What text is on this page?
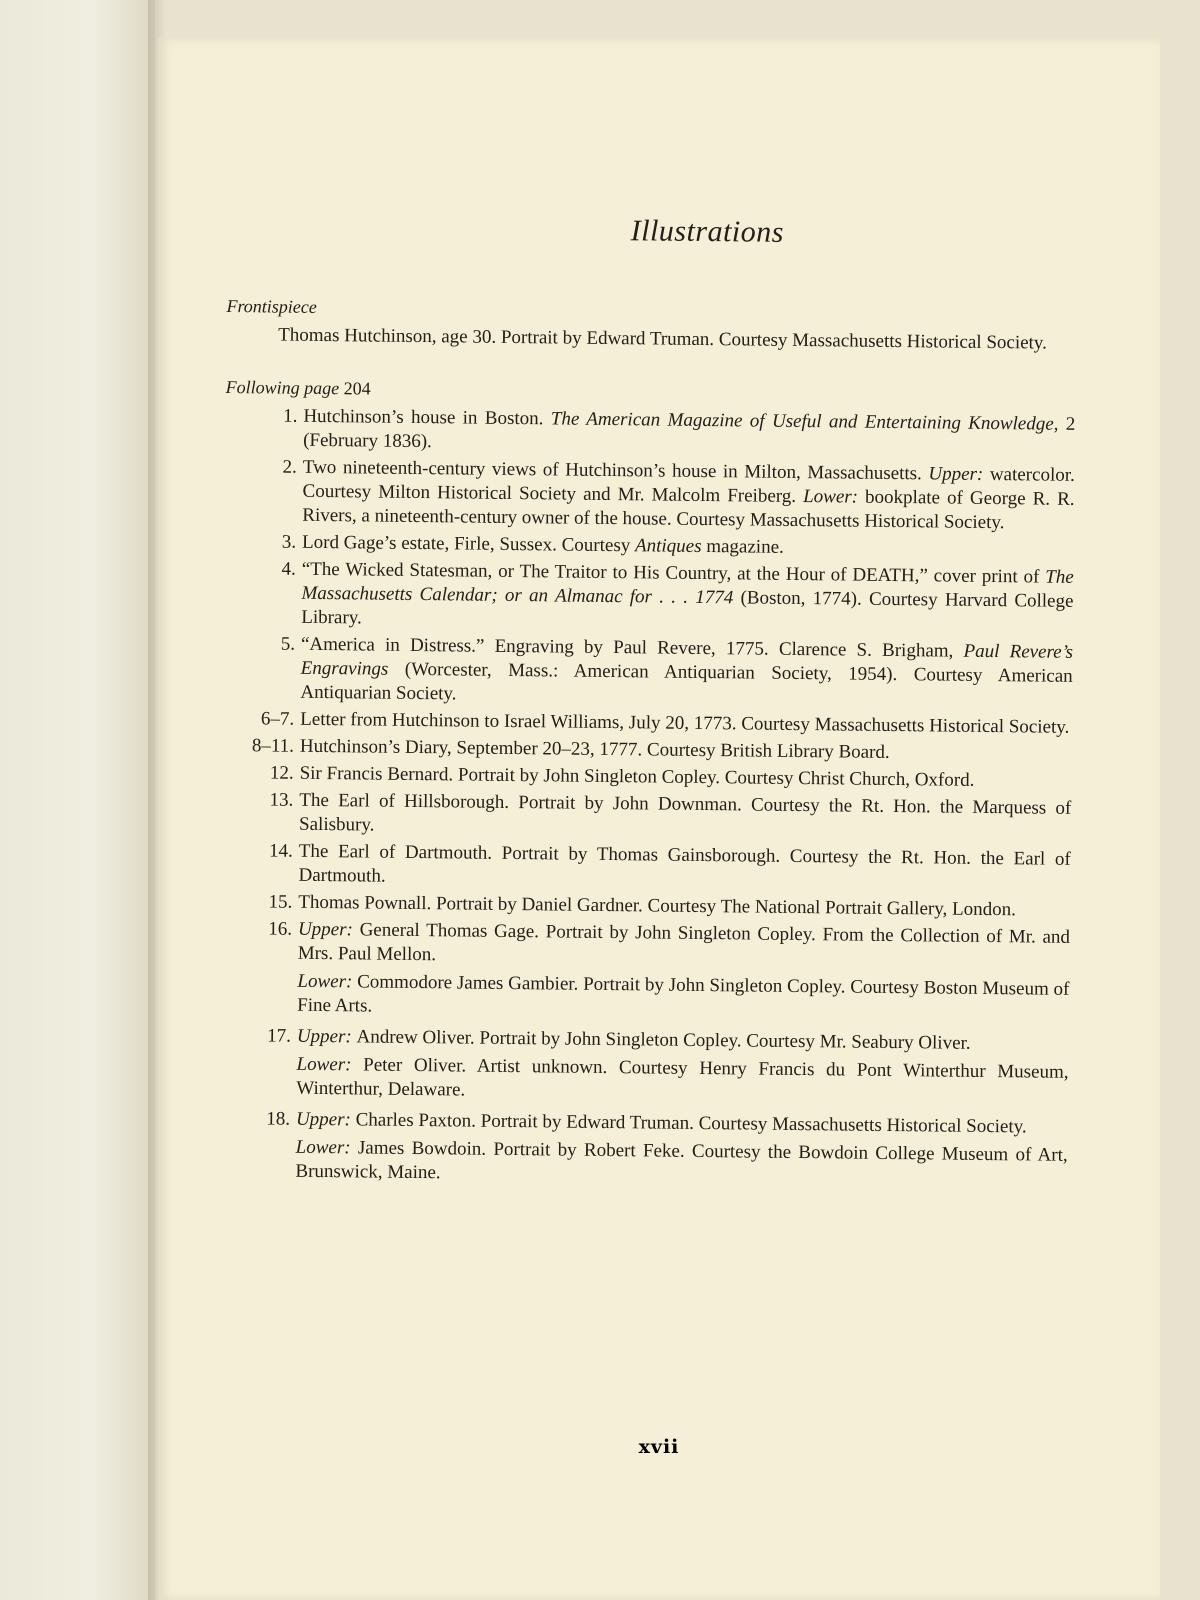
Illustrations
Frontispiece
Thomas Hutchinson, age 30. Portrait by Edward Truman. Courtesy Massachusetts Historical Society.
Following page 204
1. Hutchinson’s house in Boston. The American Magazine of Useful and Entertaining Knowledge, 2 (February 1836).
2. Two nineteenth-century views of Hutchinson’s house in Milton, Massachusetts. Upper: watercolor. Courtesy Milton Historical Society and Mr. Malcolm Freiberg. Lower: bookplate of George R. R. Rivers, a nineteenth-century owner of the house. Courtesy Massachusetts Historical Society.
3. Lord Gage’s estate, Firle, Sussex. Courtesy Antiques magazine.
4. “The Wicked Statesman, or The Traitor to His Country, at the Hour of DEATH,” cover print of The Massachusetts Calendar; or an Almanac for . . . 1774 (Boston, 1774). Courtesy Harvard College Library.
5. “America in Distress.” Engraving by Paul Revere, 1775. Clarence S. Brigham, Paul Revere’s Engravings (Worcester, Mass.: American Antiquarian Society, 1954). Courtesy American Antiquarian Society.
6–7. Letter from Hutchinson to Israel Williams, July 20, 1773. Courtesy Massachusetts Historical Society.
8–11. Hutchinson’s Diary, September 20–23, 1777. Courtesy British Library Board.
12. Sir Francis Bernard. Portrait by John Singleton Copley. Courtesy Christ Church, Oxford.
13. The Earl of Hillsborough. Portrait by John Downman. Courtesy the Rt. Hon. the Marquess of Salisbury.
14. The Earl of Dartmouth. Portrait by Thomas Gainsborough. Courtesy the Rt. Hon. the Earl of Dartmouth.
15. Thomas Pownall. Portrait by Daniel Gardner. Courtesy The National Portrait Gallery, London.
16. Upper: General Thomas Gage. Portrait by John Singleton Copley. From the Collection of Mr. and Mrs. Paul Mellon.

Lower: Commodore James Gambier. Portrait by John Singleton Copley. Courtesy Boston Museum of Fine Arts.

17. Upper: Andrew Oliver. Portrait by John Singleton Copley. Courtesy Mr. Seabury Oliver.

Lower: Peter Oliver. Artist unknown. Courtesy Henry Francis du Pont Winterthur Museum, Winterthur, Delaware.

18. Upper: Charles Paxton. Portrait by Edward Truman. Courtesy Massachusetts Historical Society.

Lower: James Bowdoin. Portrait by Robert Feke. Courtesy the Bowdoin College Museum of Art, Brunswick, Maine.

xvii
